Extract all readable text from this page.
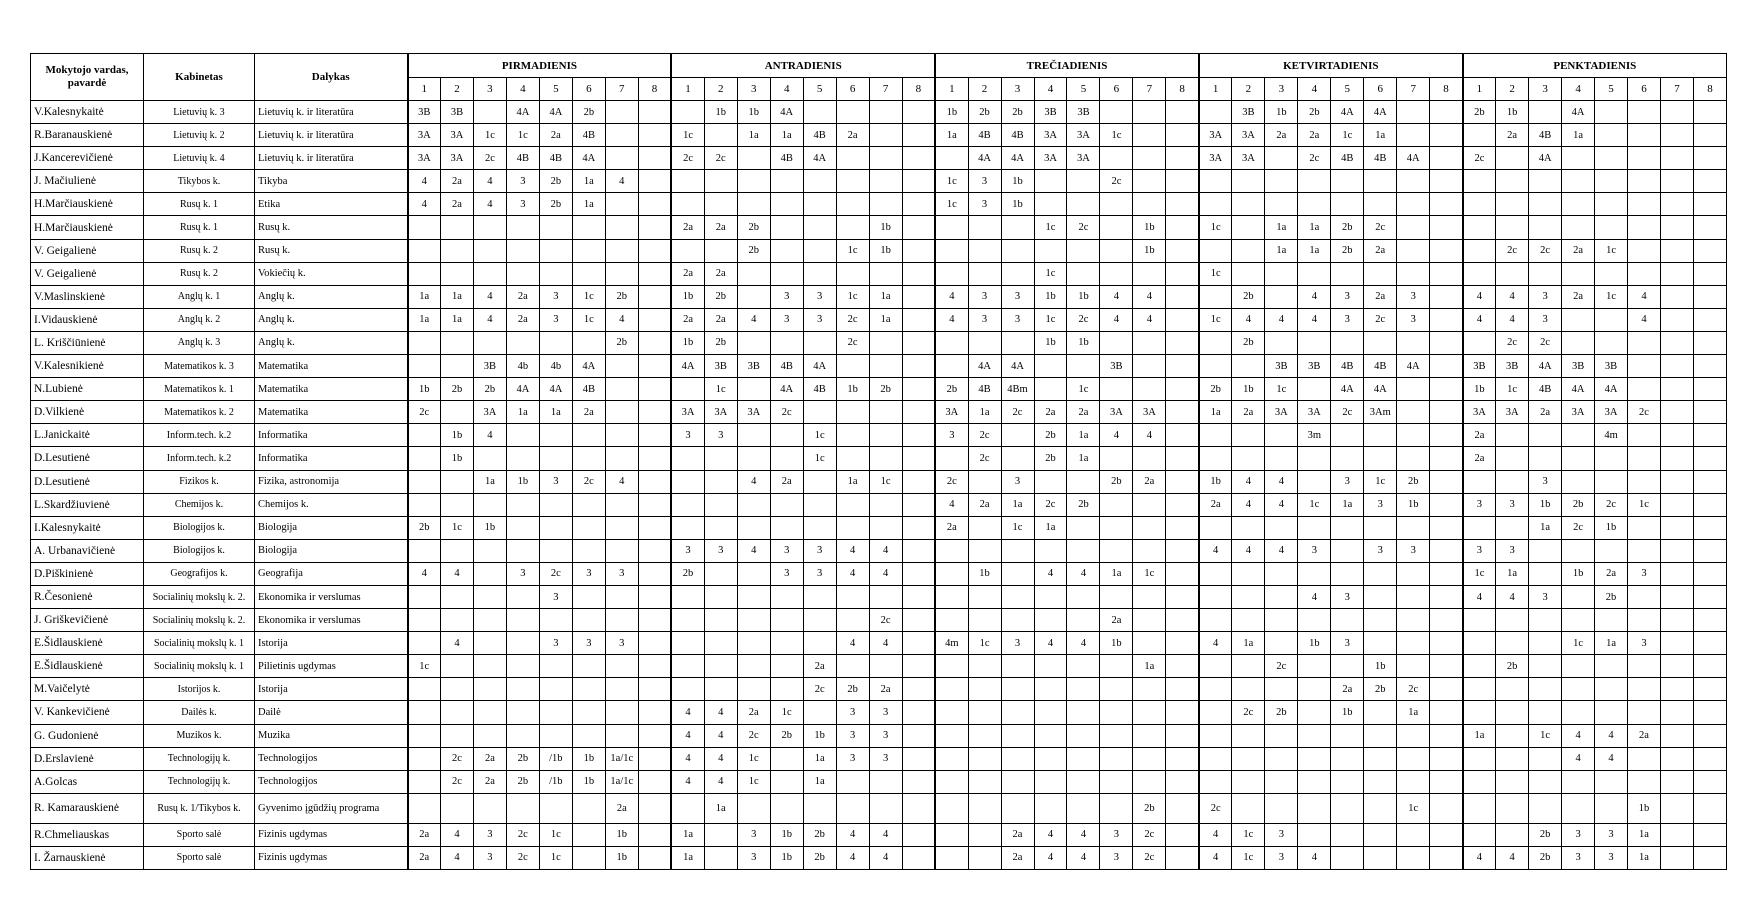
Mokytojo vardas, pavardė	Kabinetas	Dalykas	PIRMADIENIS								ANTRADIENIS								TREČIADIENIS								KETVIRTADIENIS								PENKTADIENIS							
			1	2	3	4	5	6	7	8	1	2	3	4	5	6	7	8	1	2	3	4	5	6	7	8	1	2	3	4	5	6	7	8	1	2	3	4	5	6	7	8
V.Kalesnykaitė	Lietuvių k. 3	Lietuvių k. ir literatūra	3B	3B		4A	4A	2b				1b	1b	4A					1b	2b	2b	3B	3B					3B	1b	2b	4A	4A			2b	1b		4A				
R.Baranauskienė	Lietuvių k. 2	Lietuvių k. ir literatūra	3A	3A	1c	1c	2a	4B			1c		1a	1a	4B	2a			1a	4B	4B	3A	3A	1c			3A	3A	2a	2a	1c	1a				2a	4B	1a				
J.Kancerevičienė	Lietuvių k. 4	Lietuvių k. ir literatūra	3A	3A	2c	4B	4B	4A			2c	2c		4B	4A					4A	4A	3A	3A				3A	3A		2c	4B	4B	4A		2c		4A					
J. Mačiulienė	Tikybos k.	Tikyba	4	2a	4	3	2b	1a	4										1c	3	1b			2c																		
H.Marčiauskienė	Rusų k. 1	Etika	4	2a	4	3	2b	1a											1c	3	1b																					
H.Marčiauskienė	Rusų k. 1	Rusų k.									2a	2a	2b				1b					1c	2c		1b		1c		1a	1a	2b	2c										
V. Geigalienė	Rusų k. 2	Rusų k.											2b			1c	1b								1b				1a	1a	2b	2a				2c	2c	2a	1c			
V. Geigalienė	Rusų k. 2	Vokiečių k.									2a	2a										1c					1c															
V.Maslinskienė	Anglų k. 1	Anglų k.	1a	1a	4	2a	3	1c	2b		1b	2b		3	3	1c	1a		4	3	3	1b	1b	4	4			2b		4	3	2a	3		4	4	3	2a	1c	4		
I.Vidauskienė	Anglų k. 2	Anglų k.	1a	1a	4	2a	3	1c	4		2a	2a	4	3	3	2c	1a		4	3	3	1c	2c	4	4		1c	4	4	4	3	2c	3		4	4	3			4		
L. Kriščiūnienė	Anglų k. 3	Anglų k.							2b		1b	2b				2c						1b	1b					2b								2c	2c					
V.Kalesnikienė	Matematikos k. 3	Matematika			3B	4b	4b	4A			4A	3B	3B	4B	4A					4A	4A			3B					3B	3B	4B	4B	4A		3B	3B	4A	3B	3B			
N.Lubienė	Matematikos k. 1	Matematika	1b	2b	2b	4A	4A	4B				1c		4A	4B	1b	2b		2b	4B	4Bm		1c				2b	1b	1c		4A	4A			1b	1c	4B	4A	4A			
D.Vilkienė	Matematikos k. 2	Matematika	2c		3A	1a	1a	2a			3A	3A	3A	2c					3A	1a	2c	2a	2a	3A	3A		1a	2a	3A	3A	2c	3Am			3A	3A	2a	3A	3A	2c		
L.Janickaitė	Inform.tech. k.2	Informatika		1b	4						3	3			1c				3	2c		2b	1a	4	4					3m					2a				4m			
D.Lesutienė	Inform.tech. k.2	Informatika		1b											1c					2c		2b	1a												2a							
D.Lesutienė	Fizikos k.	Fizika, astronomija			1a	1b	3	2c	4				4	2a		1a	1c		2c		3			2b	2a		1b	4	4		3	1c	2b				3					
L.Skardžiuvienė	Chemijos k.	Chemijos k.																	4	2a	1a	2c	2b				2a	4	4	1c	1a	3	1b		3	3	1b	2b	2c	1c		
I.Kalesnykaitė	Biologijos k.	Biologija	2b	1c	1b														2a		1c	1a															1a	2c	1b			
A. Urbanavičienė	Biologijos k.	Biologija									3	3	4	3	3	4	4										4	4	4	3		3	3		3	3						
D.Piškinienė	Geografijos k.	Geografija	4	4		3	2c	3	3		2b			3	3	4	4			1b		4	4	1a	1c										1c	1a		1b	2a	3		
R.Česonienė	Socialinių mokslų k. 2.	Ekonomika ir verslumas					3																							4	3				4	4	3		2b			
J. Griškevičienė	Socialinių mokslų k. 2.	Ekonomika ir verslumas															2c							2a																		
E.Šidlauskienė	Socialinių mokslų k. 1	Istorija		4			3	3	3							4	4		4m	1c	3	4	4	1b			4	1a		1b	3							1c	1a	3		
E.Šidlauskienė	Socialinių mokslų k. 1	Pilietinis ugdymas	1c												2a										1a				2c			1b				2b						
M.Vaičelytė	Istorijos k.	Istorija													2c	2b	2a														2a	2b	2c									
V. Kankevičienė	Dailės k.	Dailė									4	4	2a	1c		3	3											2c	2b		1b		1a									
G. Gudonienė	Muzikos k.	Muzika									4	4	2c	2b	1b	3	3																		1a		1c	4	4	2a		
D.Erslavienė	Technologijų k.	Technologijos		2c	2a	2b	/1b	1b	1a/1c		4	4	1c		1a	3	3																					4	4			
A.Golcas	Technologijų k.	Technologijos		2c	2a	2b	/1b	1b	1a/1c		4	4	1c		1a																											
R. Kamarauskienė	Rusų k. 1/Tikybos k.	Gyvenimo įgūdžių programa							2a			1a													2b		2c						1c							1b		
R.Chmeliauskas	Sporto salė	Fizinis ugdymas	2a	4	3	2c	1c		1b		1a		3	1b	2b	4	4				2a	4	4	3	2c		4	1c	3								2b	3	3	1a		
I. Žarnauskienė	Sporto salė	Fizinis ugdymas	2a	4	3	2c	1c		1b		1a		3	1b	2b	4	4				2a	4	4	3	2c		4	1c	3	4					4	4	2b	3	3	1a		
